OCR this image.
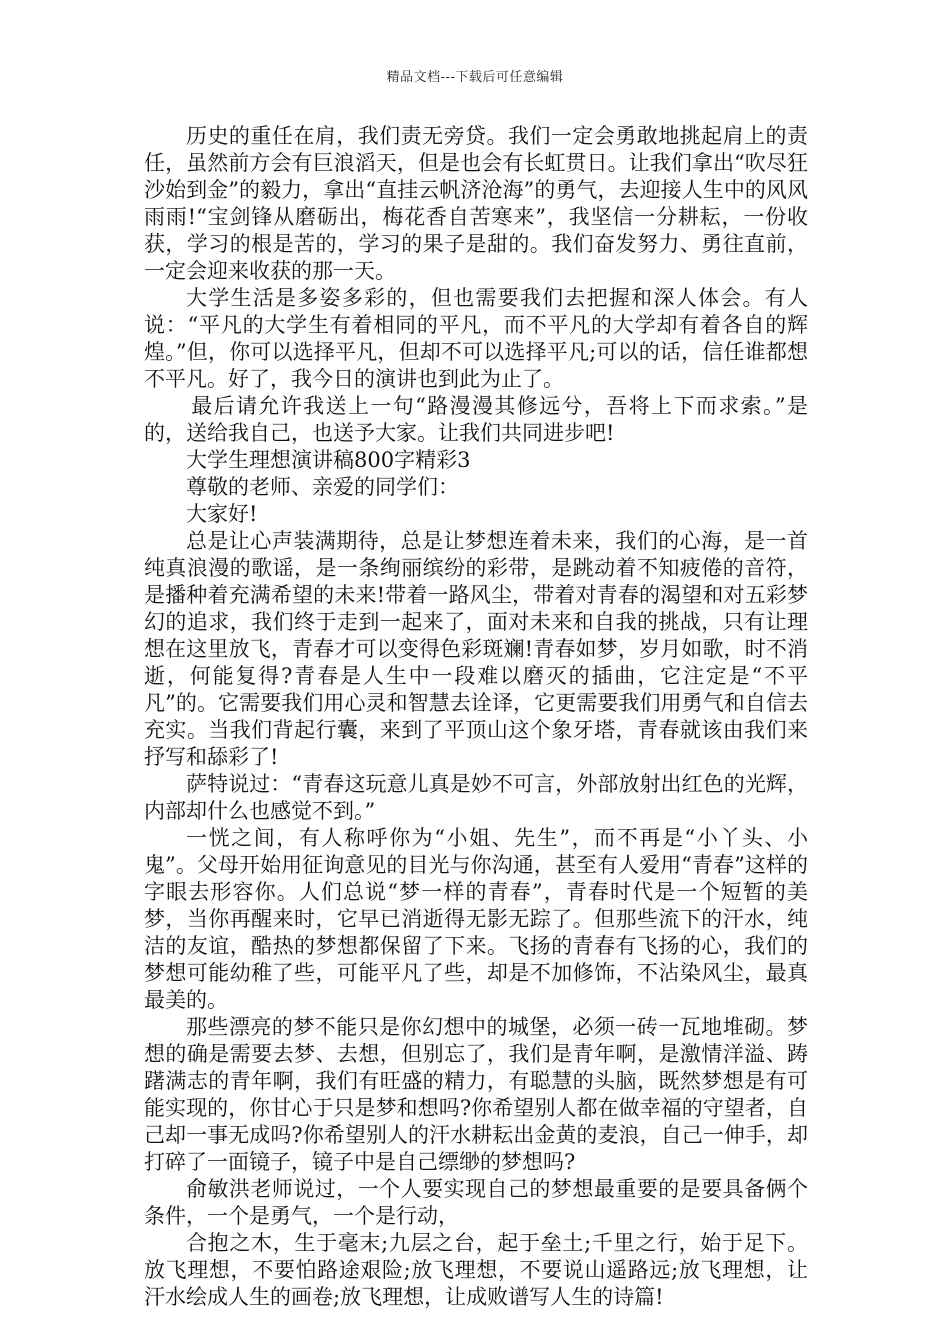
精品文档---下载后可任意编辑

历史的重任在肩，我们责无旁贷。我们一定会勇敢地挑起肩上的责任，虽然前方会有巨浪滔天，但是也会有长虹贯日。让我们拿出“吹尽狂沙始到金”的毅力，拿出“直挂云帆济沧海”的勇气，去迎接人生中的风风雨雨!“宝剑锋从磨砺出，梅花香自苦寒来”，我坚信一分耕耘，一份收获，学习的根是苦的，学习的果子是甜的。我们奋发努力、勇往直前，一定会迎来收获的那一天。

大学生活是多姿多彩的，但也需要我们去把握和深人体会。有人说：“平凡的大学生有着相同的平凡，而不平凡的大学却有着各自的辉煌。”但，你可以选择平凡，但却不可以选择平凡;可以的话，信任谁都想不平凡。好了，我今日的演讲也到此为止了。

最后请允许我送上一句“路漫漫其修远兮，吾将上下而求索。”是的，送给我自己，也送予大家。让我们共同进步吧!

大学生理想演讲稿800字精彩3

尊敬的老师、亲爱的同学们：

大家好!

总是让心声装满期待，总是让梦想连着未来，我们的心海，是一首纯真浪漫的歌谣，是一条绚丽缤纷的彩带，是跳动着不知疲倦的音符，是播种着充满希望的未来!带着一路风尘，带着对青春的渴望和对五彩梦幻的追求，我们终于走到一起来了，面对未来和自我的挑战，只有让理想在这里放飞，青春才可以变得色彩斑斓!青春如梦，岁月如歌，时不消逝，何能复得?青春是人生中一段难以磨灭的插曲，它注定是“不平凡”的。它需要我们用心灵和智慧去诠译，它更需要我们用勇气和自信去充实。当我们背起行囊，来到了平顶山这个象牙塔，青春就该由我们来抒写和舔彩了!

萨特说过：“青春这玩意儿真是妙不可言，外部放射出红色的光辉，内部却什么也感觉不到。”

一恍之间，有人称呼你为“小姐、先生”，而不再是“小丫头、小鬼”。父母开始用征询意见的目光与你沟通，甚至有人爱用“青春”这样的字眼去形容你。人们总说“梦一样的青春”，青春时代是一个短暂的美梦，当你再醒来时，它早已消逝得无影无踪了。但那些流下的汗水，纯洁的友谊，酷热的梦想都保留了下来。飞扬的青春有飞扬的心，我们的梦想可能幼稚了些，可能平凡了些，却是不加修饰，不沾染风尘，最真最美的。

那些漂亮的梦不能只是你幻想中的城堡，必须一砖一瓦地堆砌。梦想的确是需要去梦、去想，但别忘了，我们是青年啊，是激情洋溢、踌躇满志的青年啊，我们有旺盛的精力，有聪慧的头脑，既然梦想是有可能实现的，你甘心于只是梦和想吗?你希望别人都在做幸福的守望者，自己却一事无成吗?你希望别人的汗水耕耘出金黄的麦浪，自己一伸手，却打碎了一面镜子，镜子中是自己缥缈的梦想吗?

俞敏洪老师说过，一个人要实现自己的梦想最重要的是要具备俩个条件，一个是勇气，一个是行动，

合抱之木，生于毫末;九层之台，起于垒土;千里之行，始于足下。放飞理想，不要怕路途艰险;放飞理想，不要说山遥路远;放飞理想，让汗水绘成人生的画卷;放飞理想，让成败谱写人生的诗篇!
